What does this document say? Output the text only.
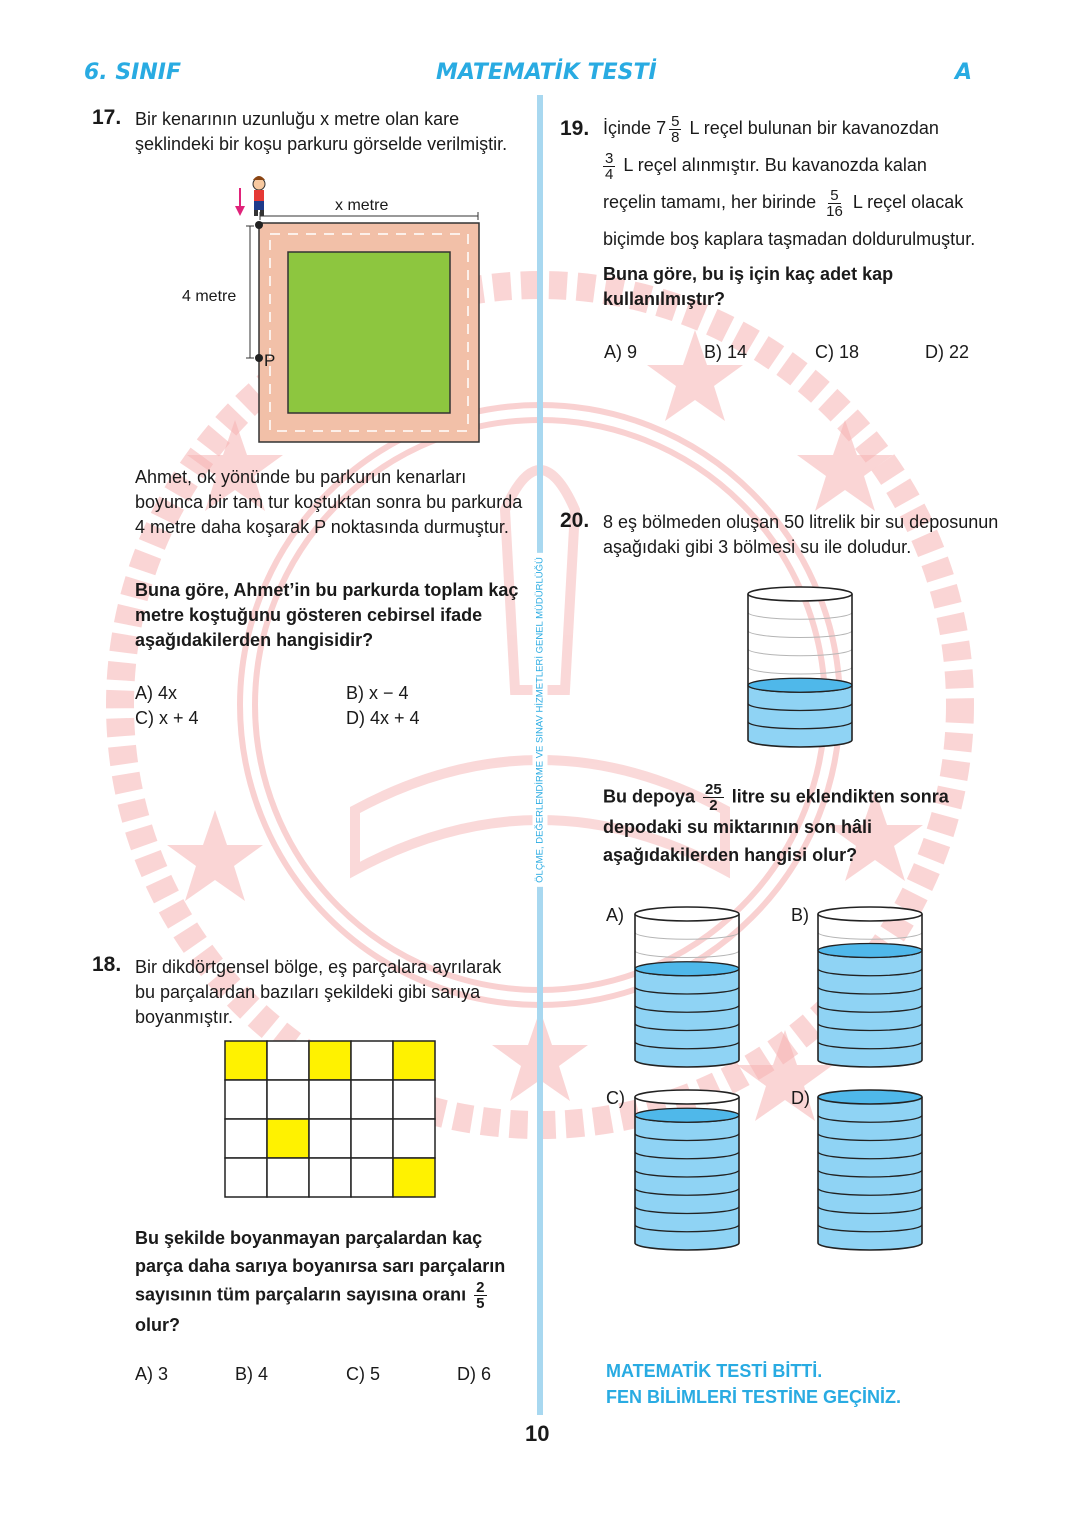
6. SINIF	MATEMATİK TESTİ	A
ÖLÇME, DEĞERLENDİRME VE SINAV HİZMETLERİ GENEL MÜDÜRLÜĞÜ
17. Bir kenarının uzunluğu x metre olan kare şeklindeki bir koşu parkuru görselde verilmiştir.
x metre
4 metre
P
Ahmet, ok yönünde bu parkurun kenarları boyunca bir tam tur koştuktan sonra bu parkurda 4 metre daha koşarak P noktasında durmuştur.
Buna göre, Ahmet’in bu parkurda toplam kaç metre koştuğunu gösteren cebirsel ifade aşağıdakilerden hangisidir?
A) 4x	B) x − 4
C) x + 4	D) 4x + 4
18. Bir dikdörtgensel bölge, eş parçalara ayrılarak bu parçalardan bazıları şekildeki gibi sarıya boyanmıştır.
Bu şekilde boyanmayan parçalardan kaç parça daha sarıya boyanırsa sarı parçaların sayısının tüm parçaların sayısına oranı $\frac{2}{5}$
olur?
A) 3	B) 4	C) 5	D) 6
19. İçinde $7 \frac{5}{8}$ L reçel bulunan bir kavanozdan

$\frac{3}{4}$ L reçel alınmıştır. Bu kavanozda kalan
reçelin tamamı, her birinde $\frac{5}{16}$ L reçel olacak
biçimde boş kaplara taşmadan doldurulmuştur.
Buna göre, bu iş için kaç adet kap kullanılmıştır?
A) 9	B) 14	C) 18	D) 22
20. 8 eş bölmeden oluşan 50 litrelik bir su deposunun aşağıdaki gibi 3 bölmesi su ile doludur.
Bu depoya $\frac{25}{2}$ litre su eklendikten sonra
depodaki su miktarının son hâli aşağıdakilerden hangisi olur?
A)	B)
C)	D)
MATEMATİK TESTİ BİTTİ.
FEN BİLİMLERİ TESTİNE GEÇİNİZ.
10
